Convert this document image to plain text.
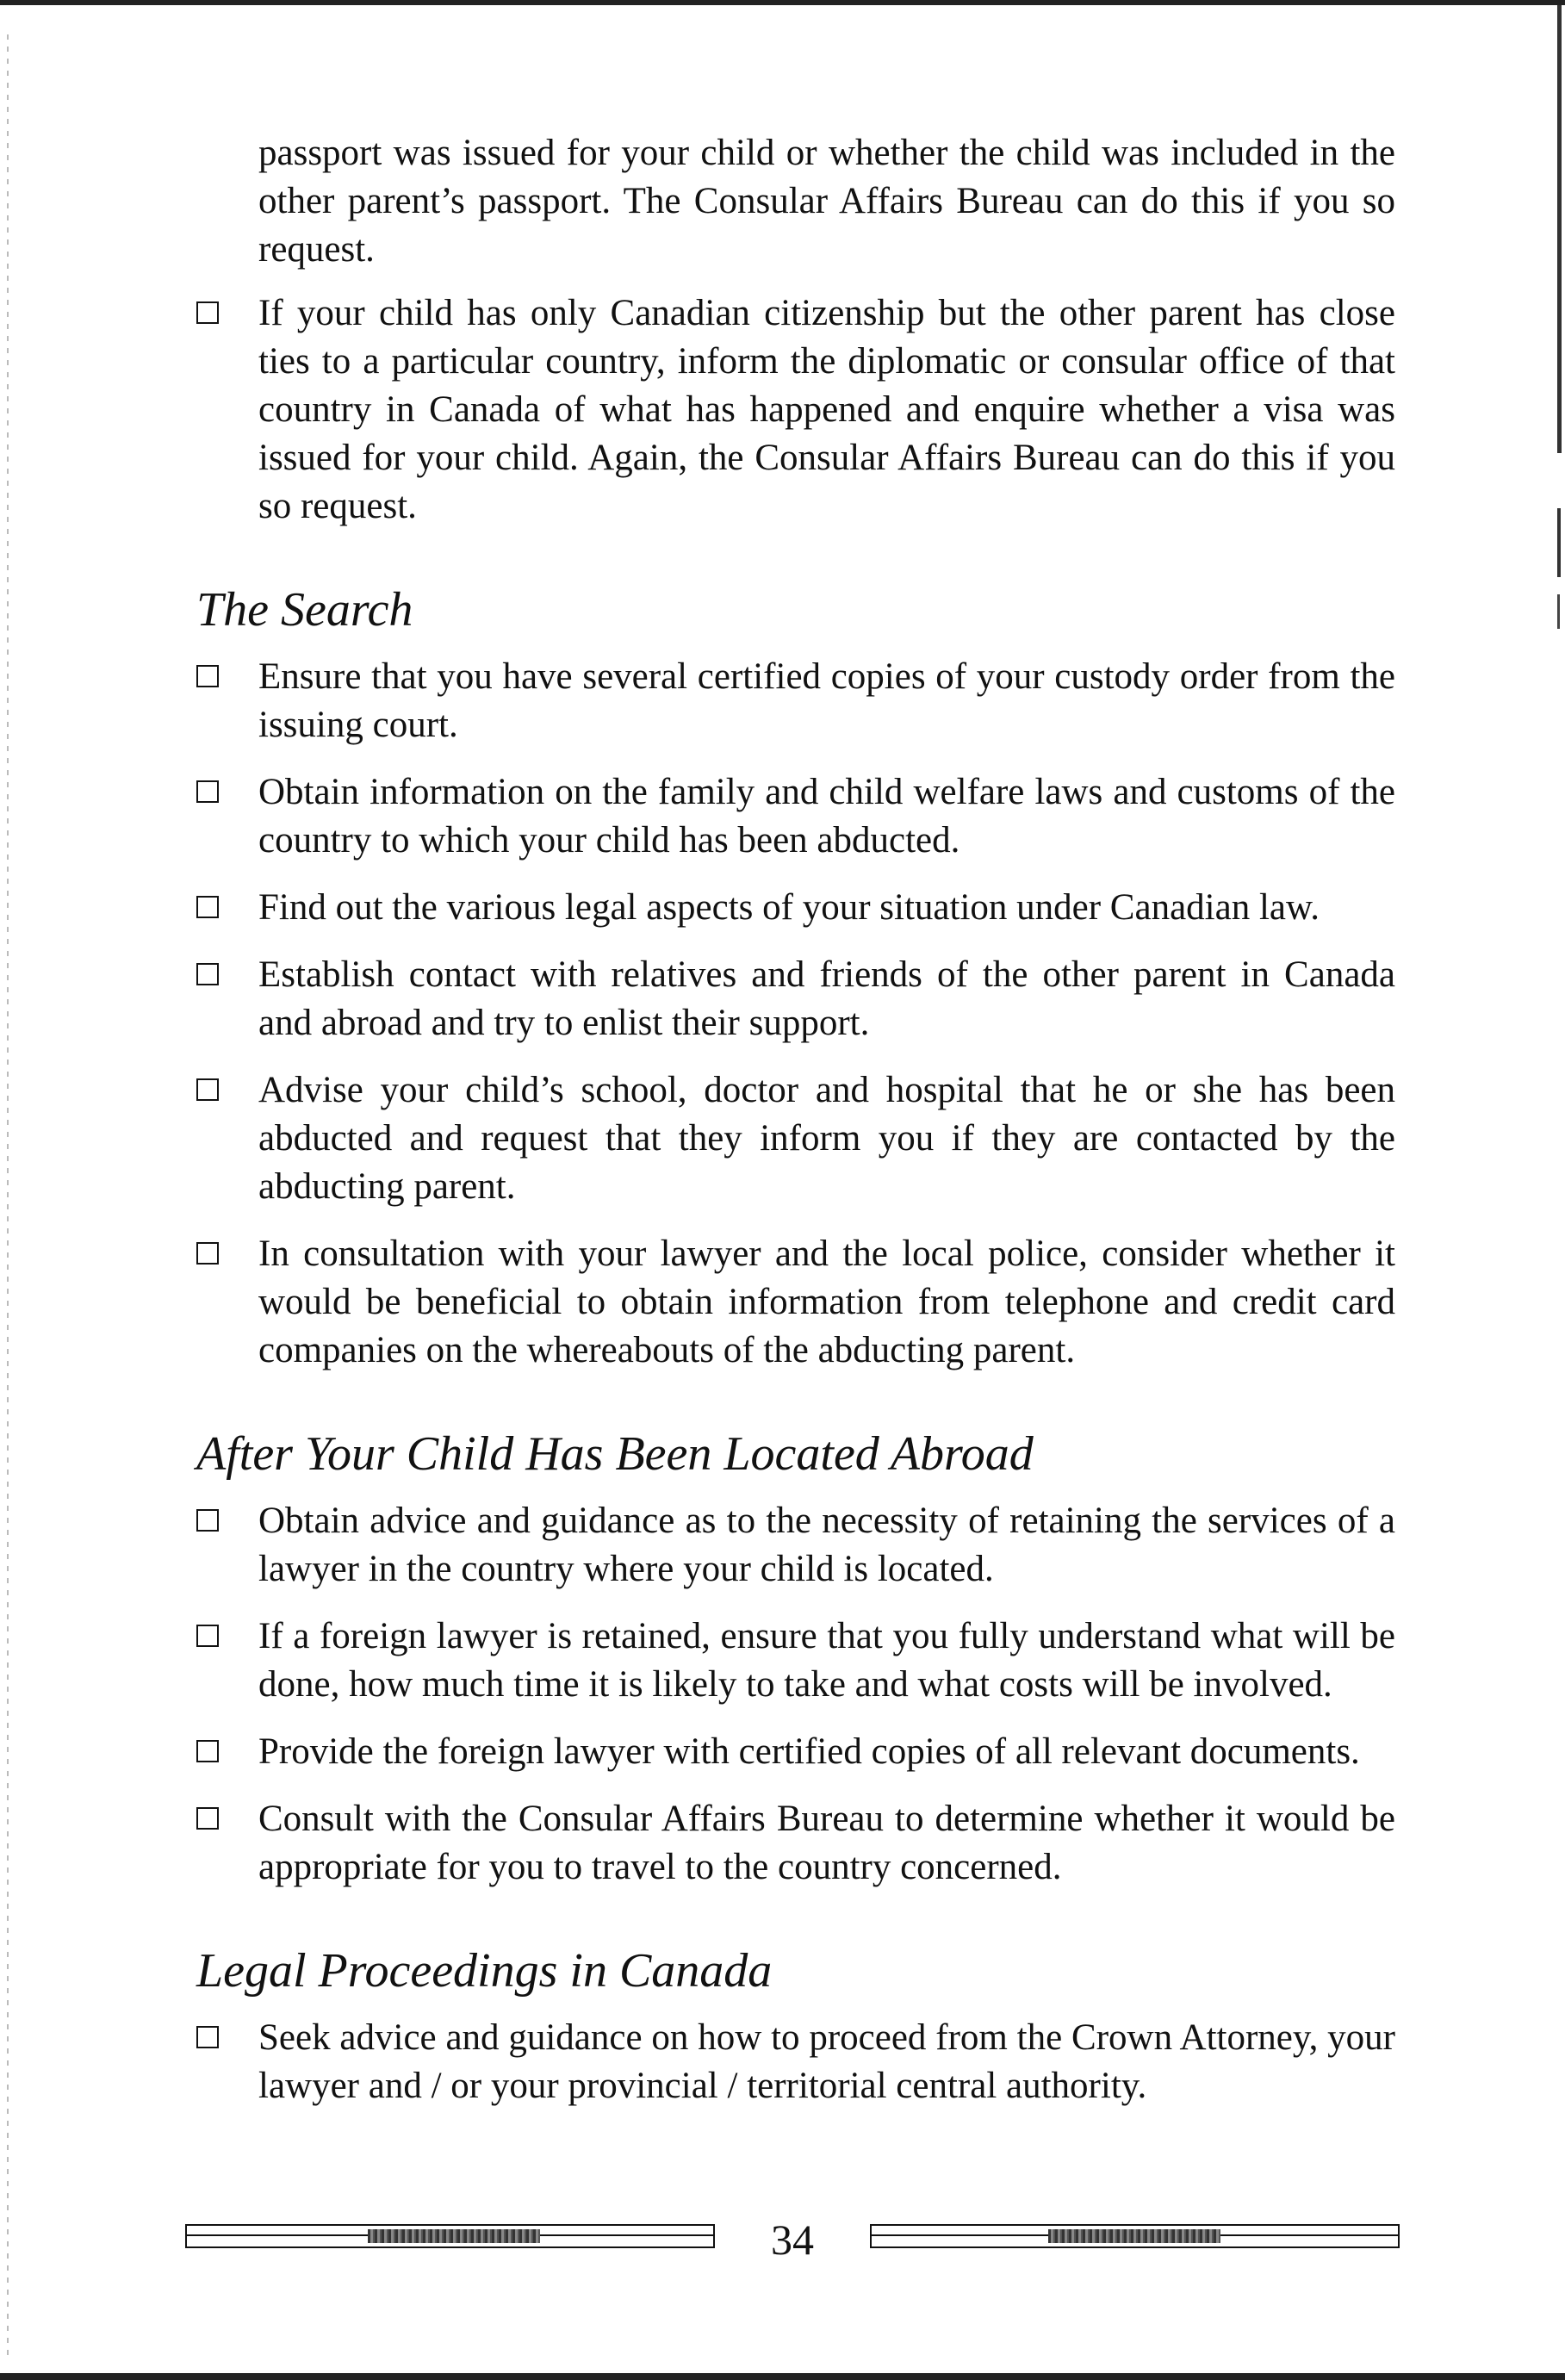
passport was issued for your child or whether the child was included in the other parent’s passport. The Consular Affairs Bureau can do this if you so request.

If your child has only Canadian citizenship but the other parent has close ties to a particular country, inform the diplomatic or consular office of that country in Canada of what has happened and enquire whether a visa was issued for your child. Again, the Consular Affairs Bureau can do this if you so request.
The Search
Ensure that you have several certified copies of your custody order from the issuing court.
Obtain information on the family and child welfare laws and customs of the country to which your child has been abducted.
Find out the various legal aspects of your situation under Canadian law.
Establish contact with relatives and friends of the other parent in Canada and abroad and try to enlist their support.
Advise your child’s school, doctor and hospital that he or she has been abducted and request that they inform you if they are contacted by the abducting parent.
In consultation with your lawyer and the local police, consider whether it would be beneficial to obtain information from telephone and credit card companies on the whereabouts of the abducting parent.
After Your Child Has Been Located Abroad
Obtain advice and guidance as to the necessity of retaining the services of a lawyer in the country where your child is located.
If a foreign lawyer is retained, ensure that you fully understand what will be done, how much time it is likely to take and what costs will be involved.
Provide the foreign lawyer with certified copies of all relevant documents.
Consult with the Consular Affairs Bureau to determine whether it would be appropriate for you to travel to the country concerned.
Legal Proceedings in Canada
Seek advice and guidance on how to proceed from the Crown Attorney, your lawyer and / or your provincial / territorial central authority.
34
